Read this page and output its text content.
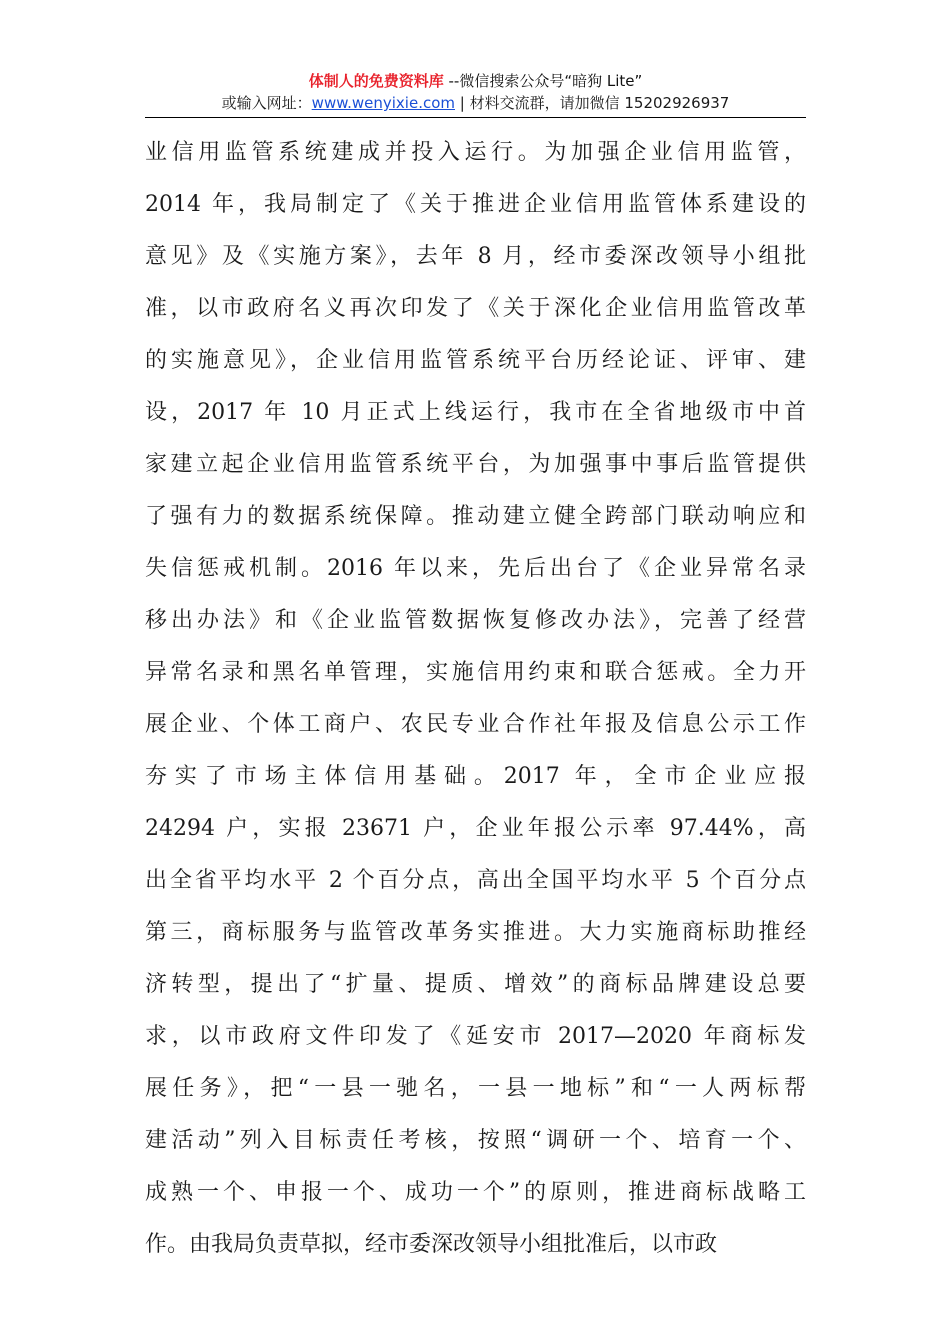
体制人的免费资料库 --微信搜索公众号“暗狗 Lite”
或输入网址：www.wenyixie.com | 材料交流群，请加微信 15202926937
业信用监管系统建成并投入运行。为加强企业信用监管，
2014 年，我局制定了《关于推进企业信用监管体系建设的
意见》及《实施方案》，去年 8 月，经市委深改领导小组批
准，以市政府名义再次印发了《关于深化企业信用监管改革
的实施意见》，企业信用监管系统平台历经论证、评审、建
设，2017 年 10 月正式上线运行，我市在全省地级市中首
家建立起企业信用监管系统平台，为加强事中事后监管提供
了强有力的数据系统保障。推动建立健全跨部门联动响应和
失信惩戒机制。2016 年以来，先后出台了《企业异常名录
移出办法》和《企业监管数据恢复修改办法》，完善了经营
异常名录和黑名单管理，实施信用约束和联合惩戒。全力开
展企业、个体工商户、农民专业合作社年报及信息公示工作
夯实了市场主体信用基础。2017 年，全市企业应报
24294 户，实报 23671 户，企业年报公示率 97.44%，高
出全省平均水平 2 个百分点，高出全国平均水平 5 个百分点
第三，商标服务与监管改革务实推进。大力实施商标助推经
济转型，提出了“扩量、提质、增效”的商标品牌建设总要
求，以市政府文件印发了《延安市 2017—2020 年商标发
展任务》，把“一县一驰名，一县一地标”和“一人两标帮
建活动”列入目标责任考核，按照“调研一个、培育一个、
成熟一个、申报一个、成功一个”的原则，推进商标战略工
作。由我局负责草拟，经市委深改领导小组批准后，以市政
